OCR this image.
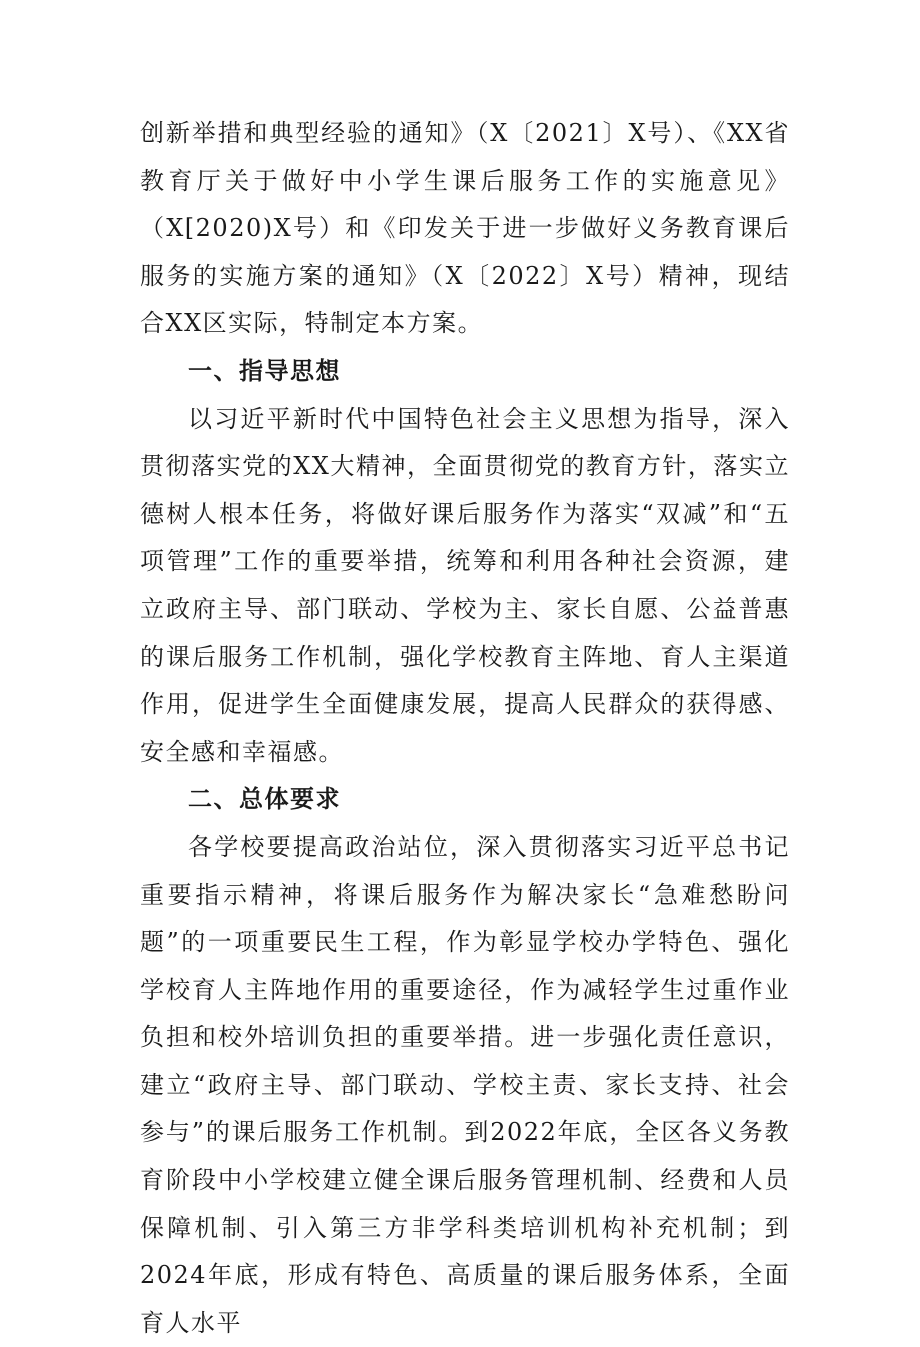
创新举措和典型经验的通知》（X〔2021〕X号）、《XX省教育厅关于做好中小学生课后服务工作的实施意见》（X[2020)X号）和《印发关于进一步做好义务教育课后服务的实施方案的通知》（X〔2022〕X号）精神，现结合XX区实际，特制定本方案。

一、指导思想

以习近平新时代中国特色社会主义思想为指导，深入贯彻落实党的XX大精神，全面贯彻党的教育方针，落实立德树人根本任务，将做好课后服务作为落实“双减”和“五项管理”工作的重要举措，统筹和利用各种社会资源，建立政府主导、部门联动、学校为主、家长自愿、公益普惠的课后服务工作机制，强化学校教育主阵地、育人主渠道作用，促进学生全面健康发展，提高人民群众的获得感、安全感和幸福感。

二、总体要求

各学校要提高政治站位，深入贯彻落实习近平总书记重要指示精神，将课后服务作为解决家长“急难愁盼问题”的一项重要民生工程，作为彰显学校办学特色、强化学校育人主阵地作用的重要途径，作为减轻学生过重作业负担和校外培训负担的重要举措。进一步强化责任意识，建立“政府主导、部门联动、学校主责、家长支持、社会参与”的课后服务工作机制。到2022年底，全区各义务教育阶段中小学校建立健全课后服务管理机制、经费和人员保障机制、引入第三方非学科类培训机构补充机制；到2024年底，形成有特色、高质量的课后服务体系，全面育人水平
